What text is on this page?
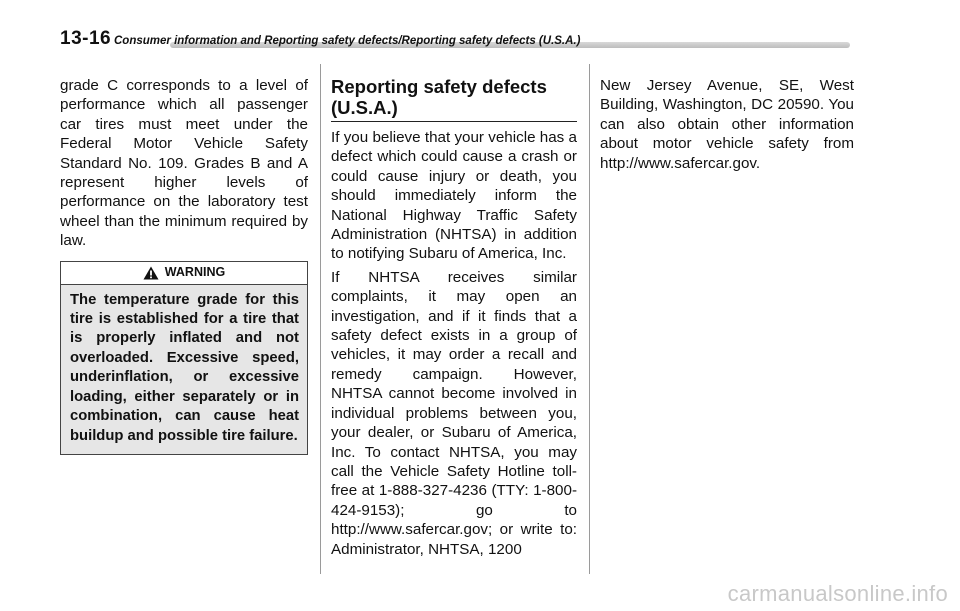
13-16 Consumer information and Reporting safety defects/Reporting safety defects (U.S.A.)

grade C corresponds to a level of performance which all passenger car tires must meet under the Federal Motor Vehicle Safety Standard No. 109. Grades B and A represent higher levels of performance on the laboratory test wheel than the minimum required by law.

WARNING
The temperature grade for this tire is established for a tire that is properly inflated and not overloaded. Excessive speed, underinflation, or excessive loading, either separately or in combination, can cause heat buildup and possible tire failure.
Reporting safety defects (U.S.A.)

If you believe that your vehicle has a defect which could cause a crash or could cause injury or death, you should immediately inform the National Highway Traffic Safety Administration (NHTSA) in addition to notifying Subaru of America, Inc.

If NHTSA receives similar complaints, it may open an investigation, and if it finds that a safety defect exists in a group of vehicles, it may order a recall and remedy campaign. However, NHTSA cannot become involved in individual problems between you, your dealer, or Subaru of America, Inc. To contact NHTSA, you may call the Vehicle Safety Hotline toll-free at 1-888-327-4236 (TTY: 1-800-424-9153); go to http://www.safercar.gov; or write to: Administrator, NHTSA, 1200

New Jersey Avenue, SE, West Building, Washington, DC 20590. You can also obtain other information about motor vehicle safety from http://www.safercar.gov.

carmanualsonline.info
